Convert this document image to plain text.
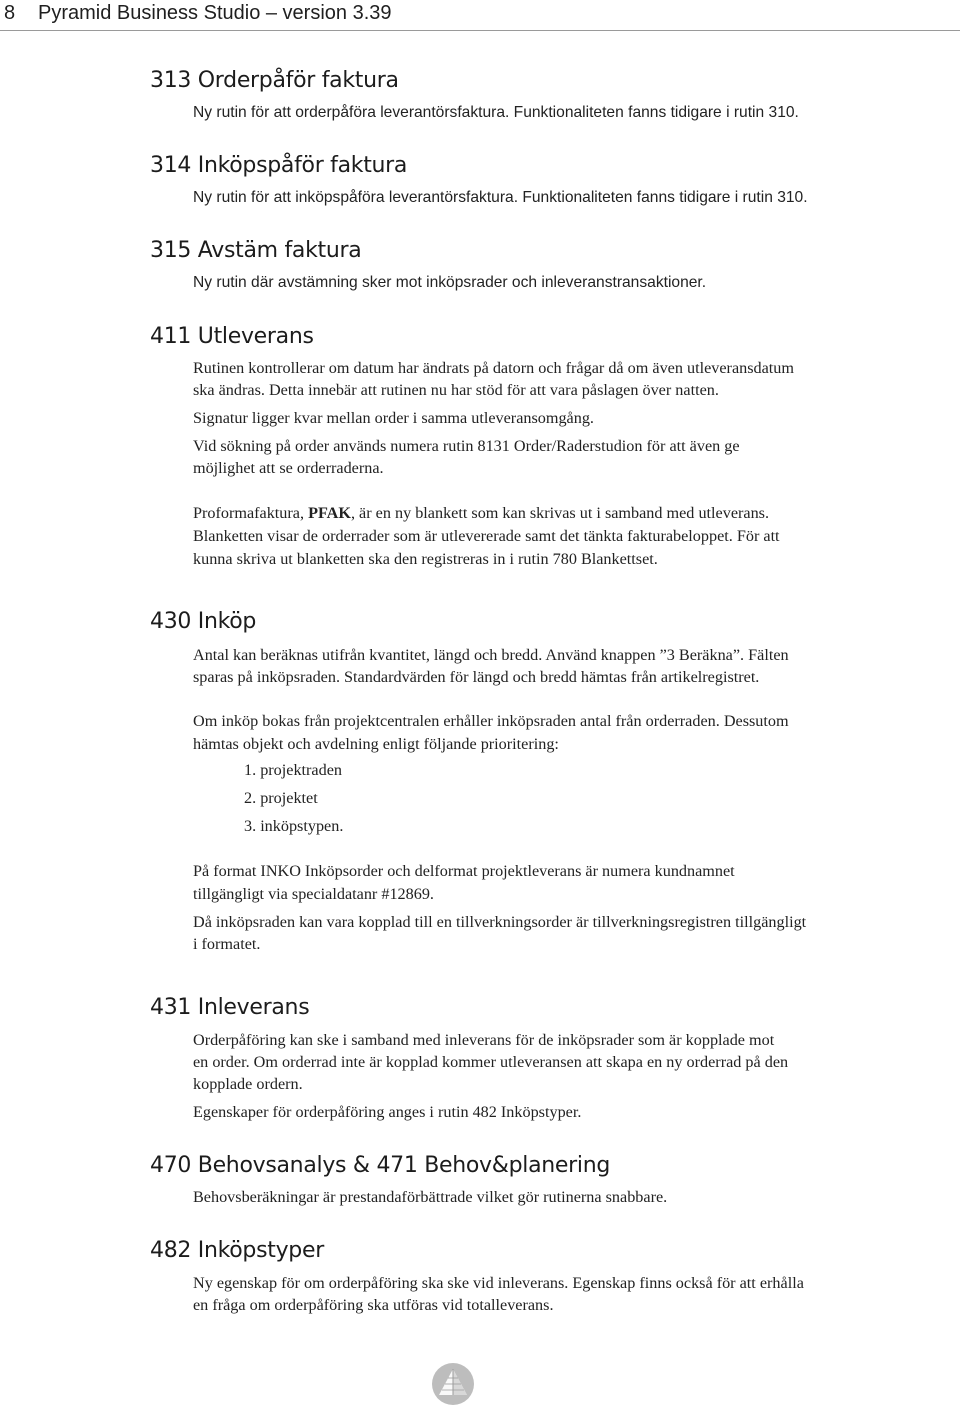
8 Pyramid Business Studio – version 3.39
313 Orderpåför faktura
Ny rutin för att orderpåföra leverantörsfaktura. Funktionaliteten fanns tidigare i rutin 310.
314 Inköpspåför faktura
Ny rutin för att inköpspåföra leverantörsfaktura. Funktionaliteten fanns tidigare i rutin 310.
315 Avstäm faktura
Ny rutin där avstämning sker mot inköpsrader och inleveranstransaktioner.
411 Utleverans
Rutinen kontrollerar om datum har ändrats på datorn och frågar då om även utleveransdatum
ska ändras. Detta innebär att rutinen nu har stöd för att vara påslagen över natten.
Signatur ligger kvar mellan order i samma utleveransomgång.
Vid sökning på order används numera rutin 8131 Order/Raderstudion för att även ge
möjlighet att se orderraderna.
Proformafaktura, PFAK, är en ny blankett som kan skrivas ut i samband med utleverans.
Blanketten visar de orderrader som är utlevererade samt det tänkta fakturabeloppet. För att
kunna skriva ut blanketten ska den registreras in i rutin 780 Blankettset.
430 Inköp
Antal kan beräknas utifrån kvantitet, längd och bredd. Använd knappen ”3 Beräkna”. Fälten
sparas på inköpsraden. Standardvärden för längd och bredd hämtas från artikelregistret.
Om inköp bokas från projektcentralen erhåller inköpsraden antal från orderraden. Dessutom
hämtas objekt och avdelning enligt följande prioritering:
1. projektraden
2. projektet
3. inköpstypen.
På format INKO Inköpsorder och delformat projektleverans är numera kundnamnet
tillgängligt via specialdatanr #12869.
Då inköpsraden kan vara kopplad till en tillverkningsorder är tillverkningsregistren tillgängligt
i formatet.
431 Inleverans
Orderpåföring kan ske i samband med inleverans för de inköpsrader som är kopplade mot
en order. Om orderrad inte är kopplad kommer utleveransen att skapa en ny orderrad på den
kopplade ordern.
Egenskaper för orderpåföring anges i rutin 482 Inköpstyper.
470 Behovsanalys & 471 Behov&planering
Behovsberäkningar är prestandaförbättrade vilket gör rutinerna snabbare.
482 Inköpstyper
Ny egenskap för om orderpåföring ska ske vid inleverans. Egenskap finns också för att erhålla
en fråga om orderpåföring ska utföras vid totalleverans.
